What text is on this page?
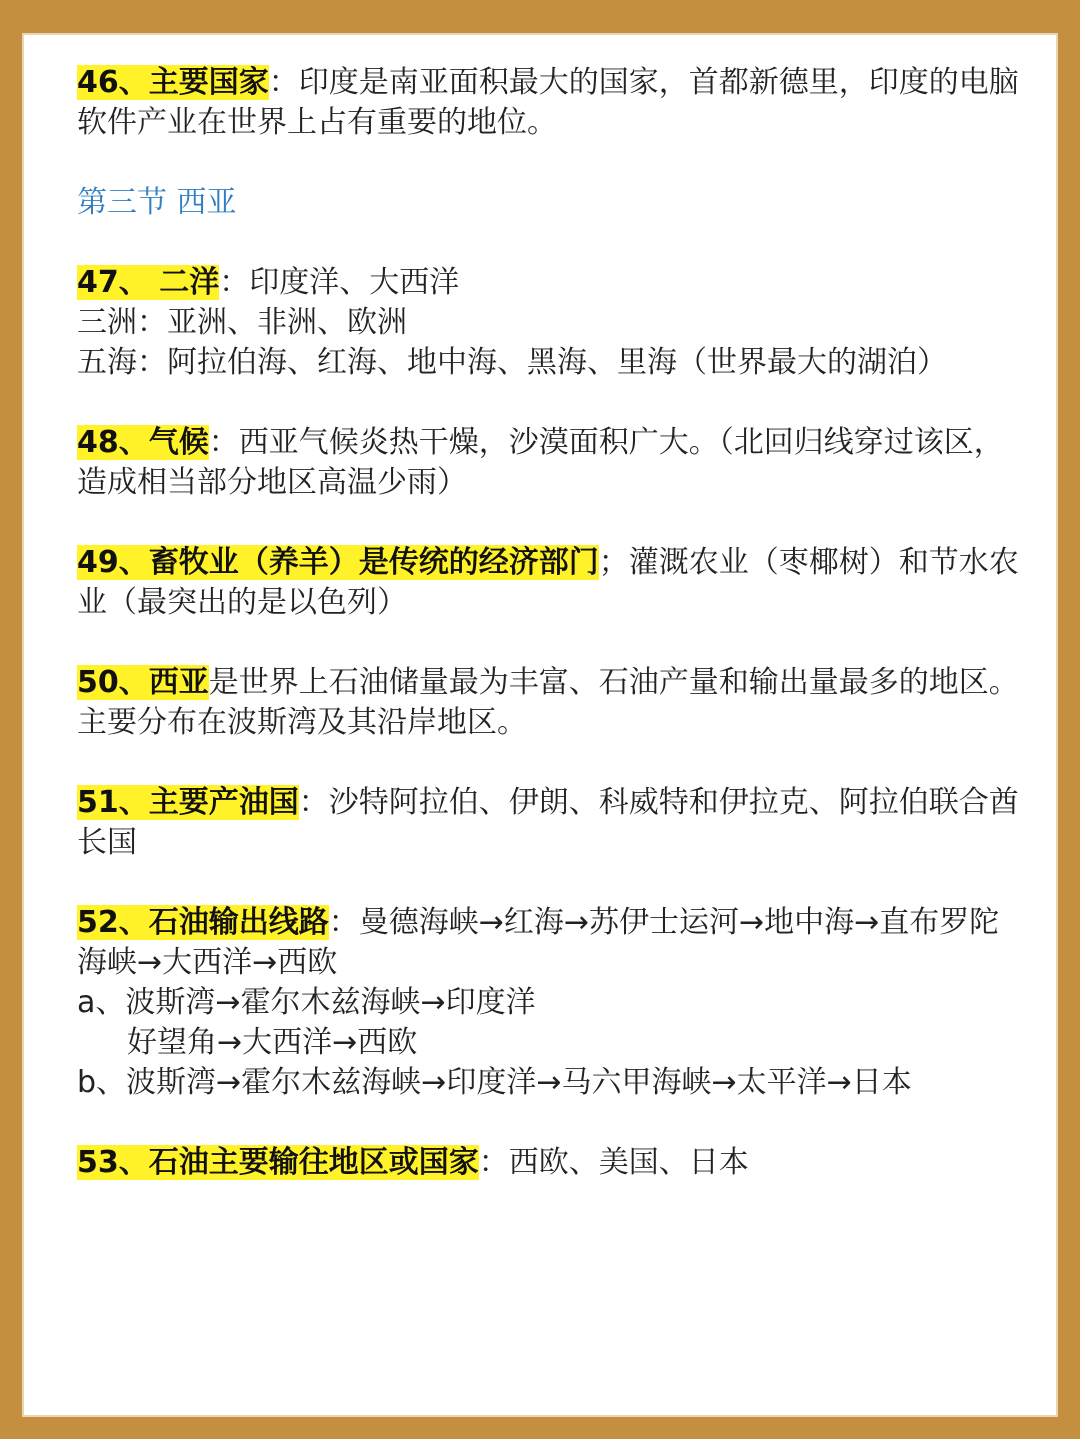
46、主要国家：印度是南亚面积最大的国家，首都新德里，印度的电脑软件产业在世界上占有重要的地位。

第三节 西亚

47、 二洋：印度洋、大西洋

三洲：亚洲、非洲、欧洲

五海：阿拉伯海、红海、地中海、黑海、里海（世界最大的湖泊）

48、气候：西亚气候炎热干燥，沙漠面积广大。（北回归线穿过该区，造成相当部分地区高温少雨）

49、畜牧业（养羊）是传统的经济部门；灌溉农业（枣椰树）和节水农业（最突出的是以色列）

50、西亚是世界上石油储量最为丰富、石油产量和输出量最多的地区。主要分布在波斯湾及其沿岸地区。

51、主要产油国：沙特阿拉伯、伊朗、科威特和伊拉克、阿拉伯联合酋长国

52、石油输出线路：曼德海峡→红海→苏伊士运河→地中海→直布罗陀海峡→大西洋→西欧

a、波斯湾→霍尔木兹海峡→印度洋

好望角→大西洋→西欧

b、波斯湾→霍尔木兹海峡→印度洋→马六甲海峡→太平洋→日本

53、石油主要输往地区或国家：西欧、美国、日本
